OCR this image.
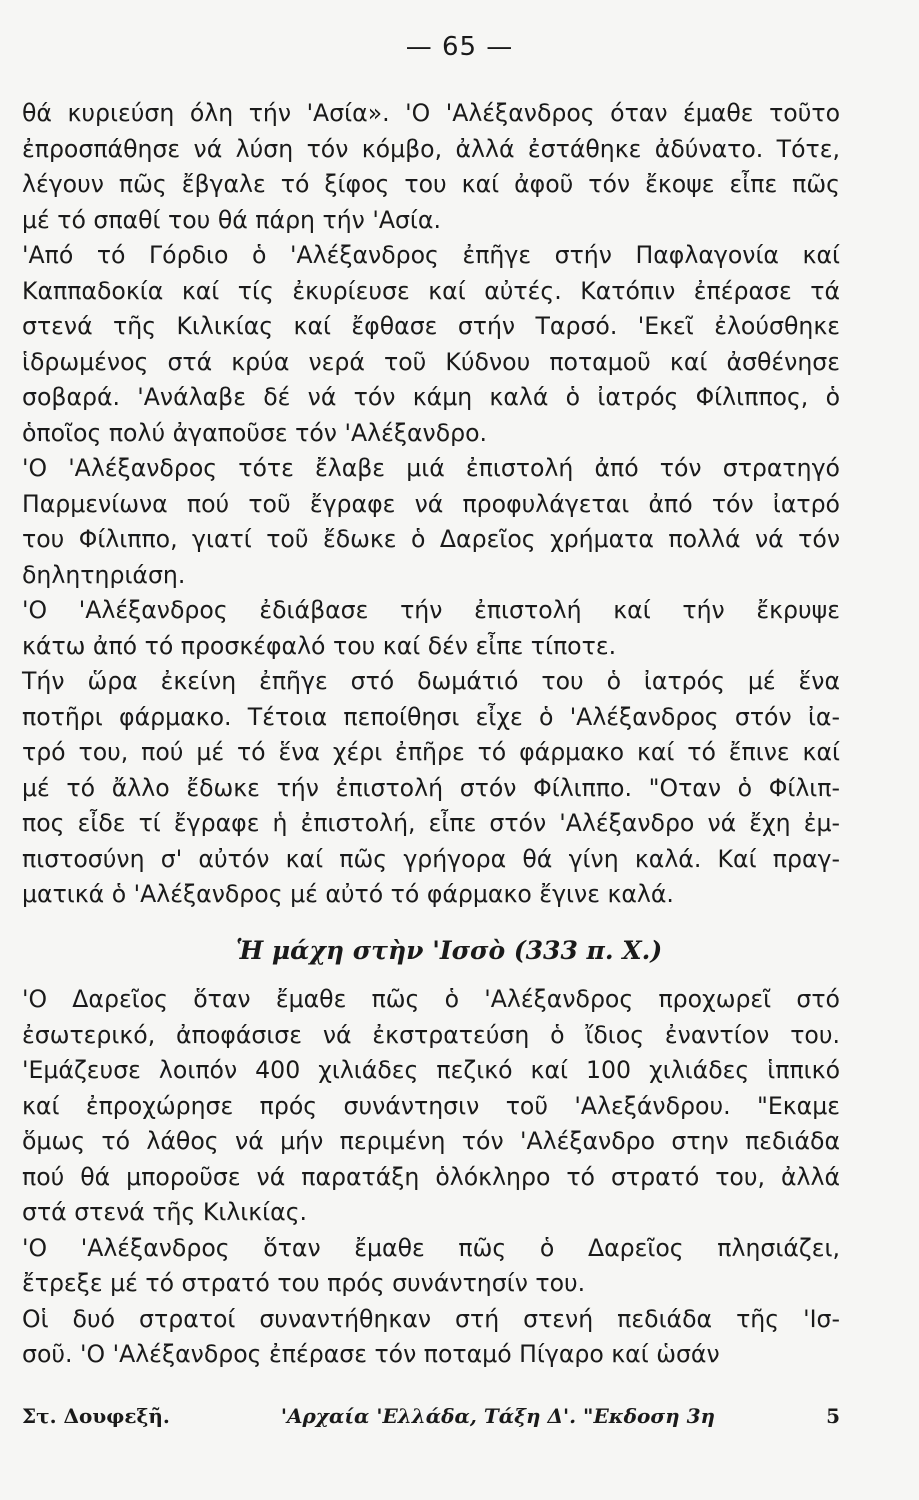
— 65 —
θά κυριεύση όλη τήν 'Ασία». 'Ο 'Αλέξανδρος όταν έμαθε τοῦτο
ἐπροσπάθησε νά λύση τόν κόμβο, ἀλλά ἐστάθηκε ἀδύνατο. Τότε,
λέγουν πῶς ἔβγαλε τό ξίφος του καί ἀφοῦ τόν ἔκοψε εἶπε πῶς
μέ τό σπαθί του θά πάρη τήν 'Ασία.
'Από τό Γόρδιο ὁ 'Αλέξανδρος ἐπῆγε στήν Παφλαγονία καί
Καππαδοκία καί τίς ἐκυρίευσε καί αὐτές. Κατόπιν ἐπέρασε τά
στενά τῆς Κιλικίας καί ἔφθασε στήν Ταρσό. 'Εκεῖ ἐλούσθηκε
ἱδρωμένος στά κρύα νερά τοῦ Κύδνου ποταμοῦ καί ἀσθένησε
σοβαρά. 'Ανάλαβε δέ νά τόν κάμη καλά ὁ ἰατρός Φίλιππος, ὁ
ὁποῖος πολύ ἀγαποῦσε τόν 'Αλέξανδρο.
'Ο 'Αλέξανδρος τότε ἔλαβε μιά ἐπιστολή ἀπό τόν στρατηγό
Παρμενίωνα πού τοῦ ἔγραφε νά προφυλάγεται ἀπό τόν ἰατρό
του Φίλιππο, γιατί τοῦ ἔδωκε ὁ Δαρεῖος χρήματα πολλά νά τόν
δηλητηριάση.
'Ο 'Αλέξανδρος ἐδιάβασε τήν ἐπιστολή καί τήν ἔκρυψε
κάτω ἀπό τό προσκέφαλό του καί δέν εἶπε τίποτε.
Τήν ὥρα ἐκείνη ἐπῆγε στό δωμάτιό του ὁ ἰατρός μέ ἕνα
ποτῆρι φάρμακο. Τέτοια πεποίθησι εἶχε ὁ 'Αλέξανδρος στόν ἰα-
τρό του, πού μέ τό ἕνα χέρι ἐπῆρε τό φάρμακο καί τό ἔπινε καί
μέ τό ἄλλο ἔδωκε τήν ἐπιστολή στόν Φίλιππο. "Οταν ὁ Φίλιπ-
πος εἶδε τί ἔγραφε ἡ ἐπιστολή, εἶπε στόν 'Αλέξανδρο νά ἔχη ἐμ-
πιστοσύνη σ' αὐτόν καί πῶς γρήγορα θά γίνη καλά. Καί πραγ-
ματικά ὁ 'Αλέξανδρος μέ αὐτό τό φάρμακο ἔγινε καλά.
Ἡ μάχη στὴν 'Ισσὸ (333 π. Χ.)
'Ο Δαρεῖος ὅταν ἔμαθε πῶς ὁ 'Αλέξανδρος προχωρεῖ στό
ἐσωτερικό, ἀποφάσισε νά ἐκστρατεύση ὁ ἴδιος ἐναντίον του.
'Εμάζευσε λοιπόν 400 χιλιάδες πεζικό καί 100 χιλιάδες ἱππικό
καί ἐπροχώρησε πρός συνάντησιν τοῦ 'Αλεξάνδρου. "Εκαμε
ὅμως τό λάθος νά μήν περιμένη τόν 'Αλέξανδρο στην πεδιάδα
πού θά μποροῦσε νά παρατάξη ὁλόκληρο τό στρατό του, ἀλλά
στά στενά τῆς Κιλικίας.
'Ο 'Αλέξανδρος ὅταν ἔμαθε πῶς ὁ Δαρεῖος πλησιάζει,
ἔτρεξε μέ τό στρατό του πρός συνάντησίν του.
Οἱ δυό στρατοί συναντήθηκαν στή στενή πεδιάδα τῆς 'Ισ-
σοῦ. 'Ο 'Αλέξανδρος ἐπέρασε τόν ποταμό Πίγαρο καί ὡσάν
Στ. Δουφεξῆ.	'Αρχαία 'Ελλάδα, Τάξη Δ'. "Εκδοση 3η	5
